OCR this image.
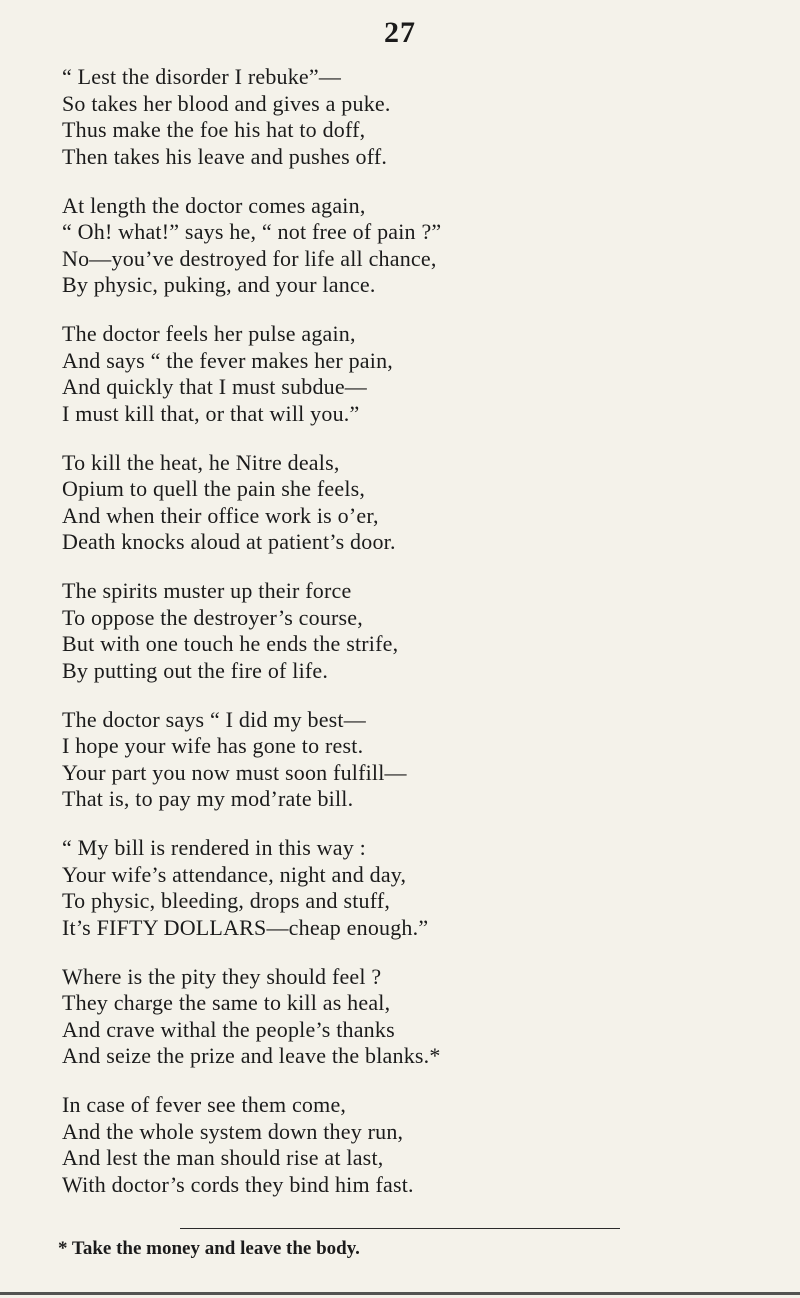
27
“ Lest the disorder I rebuke”—
So takes her blood and gives a puke.
Thus make the foe his hat to doff,
Then takes his leave and pushes off.
At length the doctor comes again,
“ Oh! what!” says he, “ not free of pain ?”
No—you’ve destroyed for life all chance,
By physic, puking, and your lance.
The doctor feels her pulse again,
And says “ the fever makes her pain,
And quickly that I must subdue—
I must kill that, or that will you.”
To kill the heat, he Nitre deals,
Opium to quell the pain she feels,
And when their office work is o’er,
Death knocks aloud at patient’s door.
The spirits muster up their force
To oppose the destroyer’s course,
But with one touch he ends the strife,
By putting out the fire of life.
The doctor says “ I did my best—
I hope your wife has gone to rest.
Your part you now must soon fulfill—
That is, to pay my mod’rate bill.
“ My bill is rendered in this way :
Your wife’s attendance, night and day,
To physic, bleeding, drops and stuff,
It’s FIFTY DOLLARS—cheap enough.”
Where is the pity they should feel ?
They charge the same to kill as heal,
And crave withal the people’s thanks
And seize the prize and leave the blanks.*
In case of fever see them come,
And the whole system down they run,
And lest the man should rise at last,
With doctor’s cords they bind him fast.
* Take the money and leave the body.
